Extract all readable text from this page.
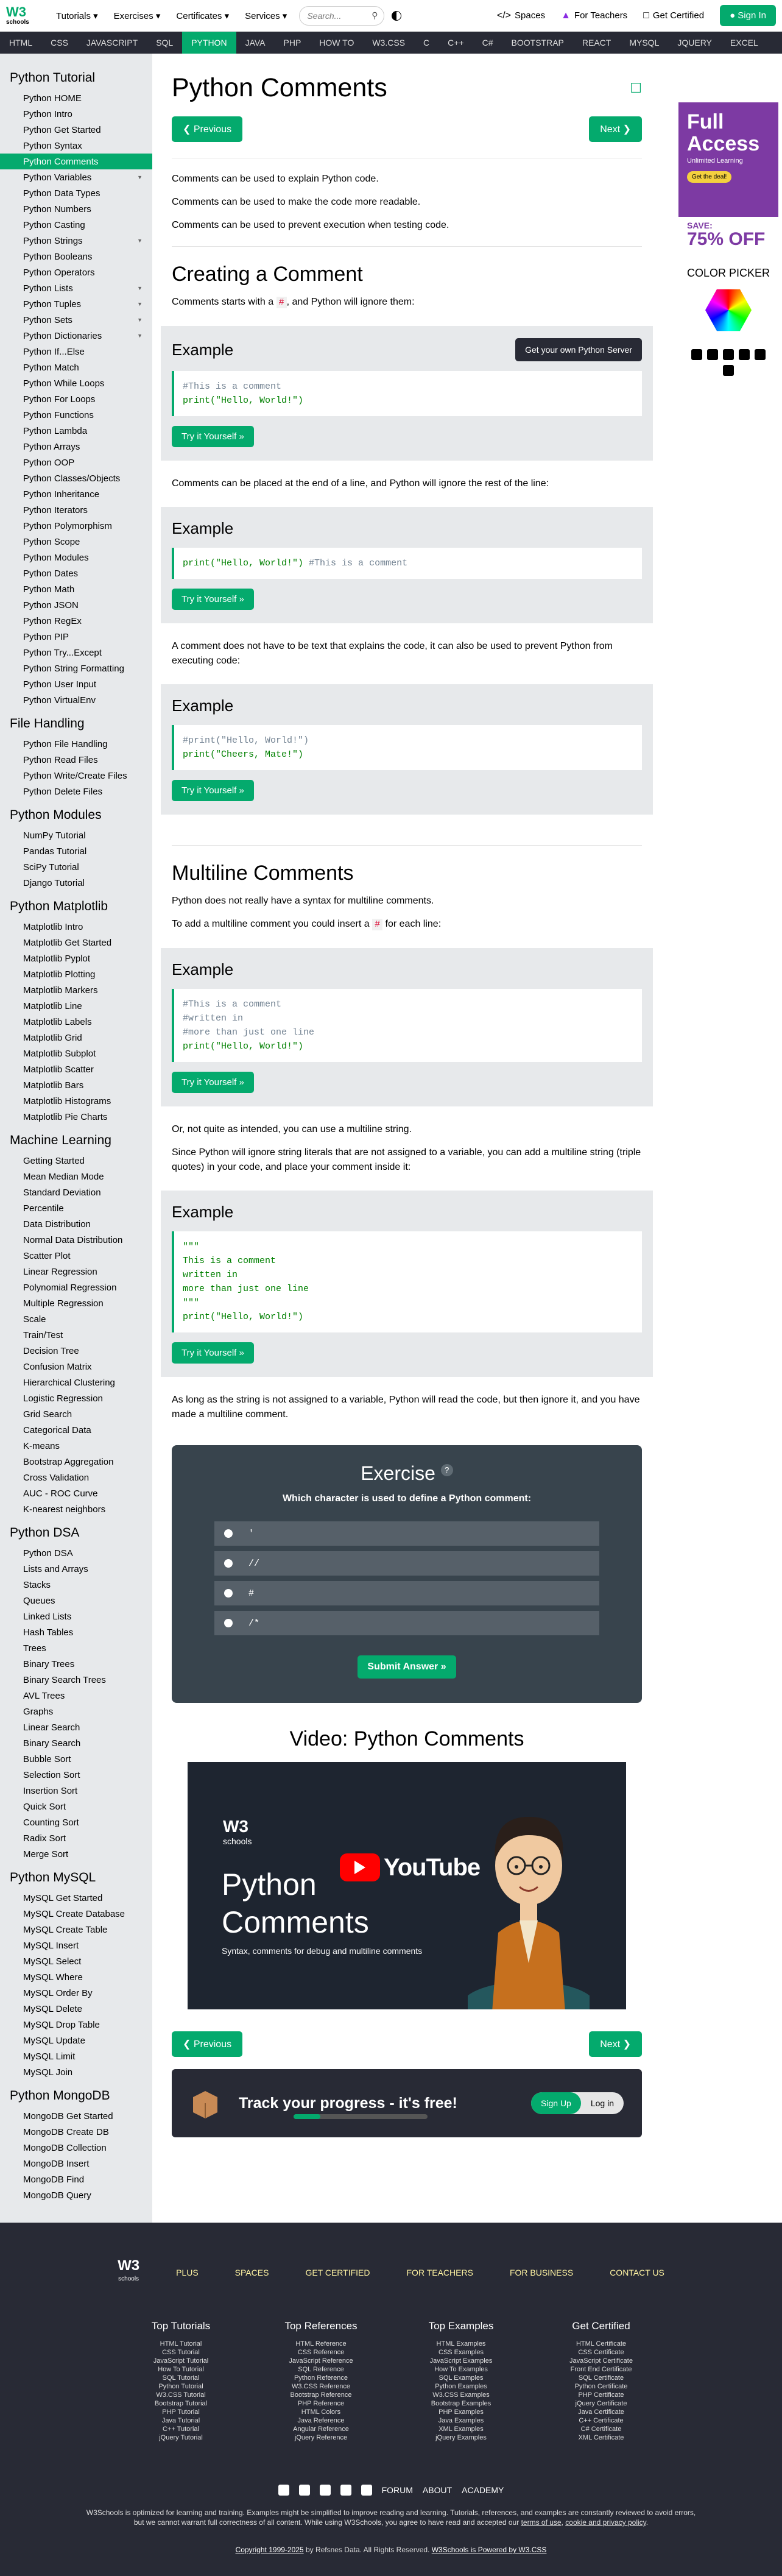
W3
schools
Tutorials ▾ Exercises ▾ Certificates ▾ Services ▾	Search...	⚲	</> Spaces ▲ For Teachers □ Get Certified	● Sign In
HTML	CSS	JAVASCRIPT	SQL	PYTHON	JAVA	PHP	HOW TO	W3.CSS	C	C++	C#	BOOTSTRAP	REACT	MYSQL	JQUERY	EXCEL
Python Tutorial
Python HOME
Python Intro
Python Get Started
Python Syntax
Python Comments
Python Variables	▼
Python Data Types
Python Numbers
Python Casting
Python Strings	▼
Python Booleans
Python Operators
Python Lists	▼
Python Tuples	▼
Python Sets	▼
Python Dictionaries	▼
Python If...Else
Python Match
Python While Loops
Python For Loops
Python Functions
Python Lambda
Python Arrays
Python OOP
Python Classes/Objects
Python Inheritance
Python Iterators
Python Polymorphism
Python Scope
Python Modules
Python Dates
Python Math
Python JSON
Python RegEx
Python PIP
Python Try...Except
Python String Formatting
Python User Input
Python VirtualEnv
File Handling
Python File Handling
Python Read Files
Python Write/Create Files
Python Delete Files
Python Modules
NumPy Tutorial
Pandas Tutorial
SciPy Tutorial
Django Tutorial
Python Matplotlib
Matplotlib Intro
Matplotlib Get Started
Matplotlib Pyplot
Matplotlib Plotting
Matplotlib Markers
Matplotlib Line
Matplotlib Labels
Matplotlib Grid
Matplotlib Subplot
Matplotlib Scatter
Matplotlib Bars
Matplotlib Histograms
Matplotlib Pie Charts
Machine Learning
Getting Started
Mean Median Mode
Standard Deviation
Percentile
Data Distribution
Normal Data Distribution
Scatter Plot
Linear Regression
Polynomial Regression
Multiple Regression
Scale
Train/Test
Decision Tree
Confusion Matrix
Hierarchical Clustering
Logistic Regression
Grid Search
Categorical Data
K-means
Bootstrap Aggregation
Cross Validation
AUC - ROC Curve
K-nearest neighbors
Python DSA
Python DSA
Lists and Arrays
Stacks
Queues
Linked Lists
Hash Tables
Trees
Binary Trees
Binary Search Trees
AVL Trees
Graphs
Linear Search
Binary Search
Bubble Sort
Selection Sort
Insertion Sort
Quick Sort
Counting Sort
Radix Sort
Merge Sort
Python MySQL
MySQL Get Started
MySQL Create Database
MySQL Create Table
MySQL Insert
MySQL Select
MySQL Where
MySQL Order By
MySQL Delete
MySQL Drop Table
MySQL Update
MySQL Limit
MySQL Join
Python MongoDB
MongoDB Get Started
MongoDB Create DB
MongoDB Collection
MongoDB Insert
MongoDB Find
MongoDB Query
Python Comments	☐
❮ Previous	Next ❯

Comments can be used to explain Python code.

Comments can be used to make the code more readable.

Comments can be used to prevent execution when testing code.

Creating a Comment

Comments starts with a # , and Python will ignore them:

Example	Get your own Python Server
#This is a comment
print("Hello, World!")
Try it Yourself »

Comments can be placed at the end of a line, and Python will ignore the rest of the line:

Example
print("Hello, World!") #This is a comment
Try it Yourself »

A comment does not have to be text that explains the code, it can also be used to prevent Python from executing code:

Example
#print("Hello, World!")
print("Cheers, Mate!")
Try it Yourself »
Multiline Comments

Python does not really have a syntax for multiline comments.

To add a multiline comment you could insert a # for each line:

Example
#This is a comment
#written in
#more than just one line
print("Hello, World!")
Try it Yourself »

Or, not quite as intended, you can use a multiline string.

Since Python will ignore string literals that are not assigned to a variable, you can add a multiline string (triple quotes) in your code, and place your comment inside it:

Example
"""
This is a comment
written in
more than just one line
"""
print("Hello, World!")
Try it Yourself »

As long as the string is not assigned to a variable, Python will read the code, but then ignore it, and you have made a multiline comment.

Exercise ?
Which character is used to define a Python comment:
'
//
#
/*
Submit Answer »
Video: Python Comments
W3
schools
Python
Comments
Syntax, comments for debug and multiline comments
YouTube
❮ Previous	Next ❯
Track your progress - it's free!	Sign Up	Log in
Full
Access
Unlimited Learning
Get the deal!
SAVE:
75% OFF
COLOR PICKER
W3
schools
PLUS	SPACES	GET CERTIFIED	FOR TEACHERS	FOR BUSINESS	CONTACT US
Top Tutorials
HTML Tutorial
CSS Tutorial
JavaScript Tutorial
How To Tutorial
SQL Tutorial
Python Tutorial
W3.CSS Tutorial
Bootstrap Tutorial
PHP Tutorial
Java Tutorial
C++ Tutorial
jQuery Tutorial
Top References
HTML Reference
CSS Reference
JavaScript Reference
SQL Reference
Python Reference
W3.CSS Reference
Bootstrap Reference
PHP Reference
HTML Colors
Java Reference
Angular Reference
jQuery Reference
Top Examples
HTML Examples
CSS Examples
JavaScript Examples
How To Examples
SQL Examples
Python Examples
W3.CSS Examples
Bootstrap Examples
PHP Examples
Java Examples
XML Examples
jQuery Examples
Get Certified
HTML Certificate
CSS Certificate
JavaScript Certificate
Front End Certificate
SQL Certificate
Python Certificate
PHP Certificate
jQuery Certificate
Java Certificate
C++ Certificate
C# Certificate
XML Certificate
FORUM ABOUT ACADEMY
W3Schools is optimized for learning and training. Examples might be simplified to improve reading and learning. Tutorials, references, and examples are constantly reviewed to avoid errors, but we cannot warrant full correctness of all content. While using W3Schools, you agree to have read and accepted our terms of use, cookie and privacy policy.
Copyright 1999-2025 by Refsnes Data. All Rights Reserved. W3Schools is Powered by W3.CSS
